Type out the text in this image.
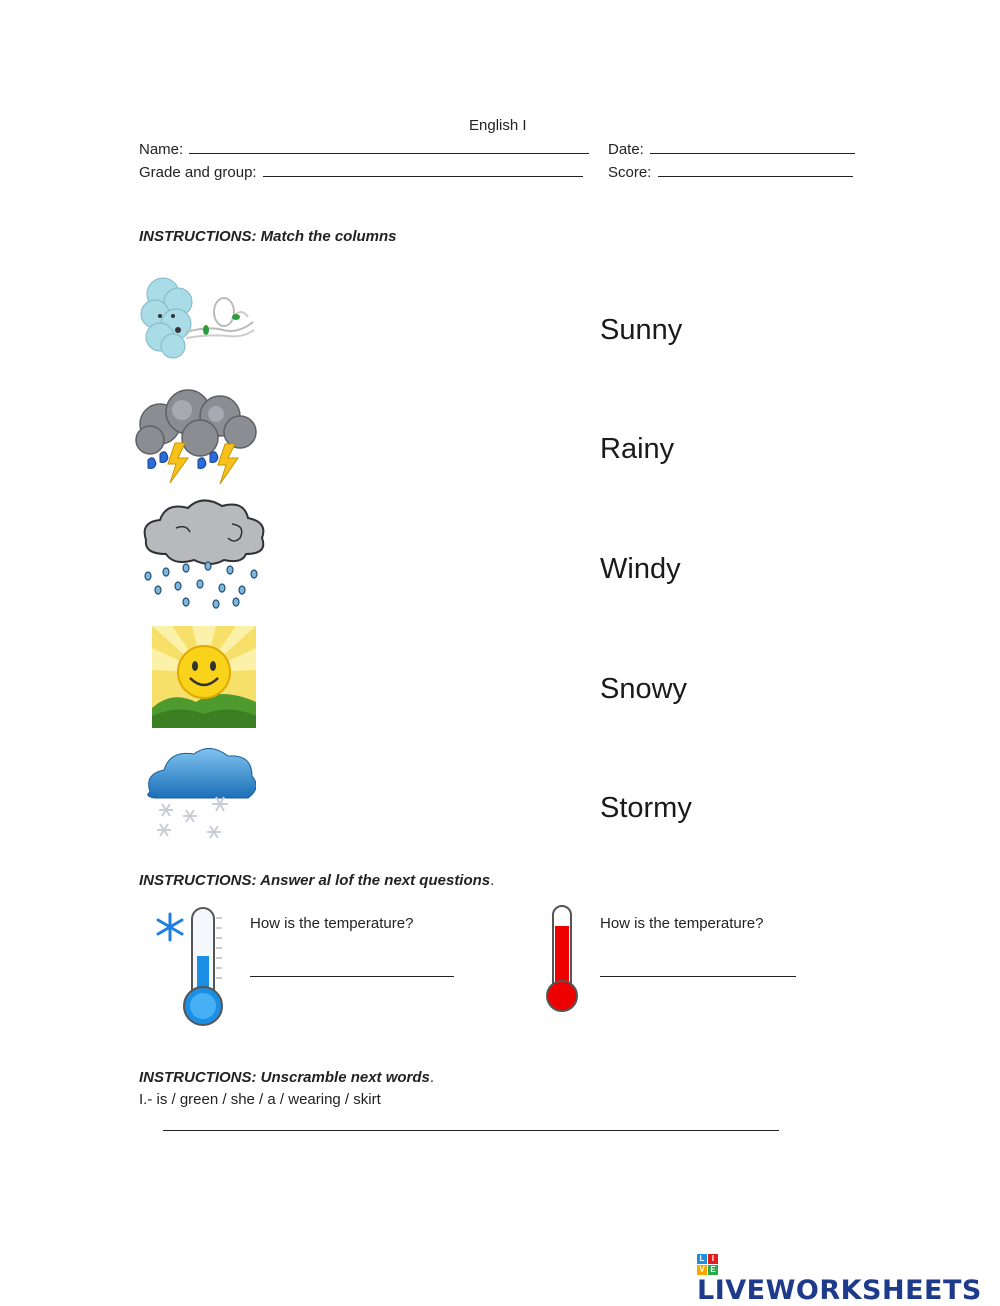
English I
Name:	Date:
Grade and group:	Score:
INSTRUCTIONS: Match the columns
Sunny
Rainy
Windy
Snowy
Stormy
INSTRUCTIONS: Answer al lof the next questions.
How is the temperature?	How is the temperature?
INSTRUCTIONS: Unscramble next words.
I.- is / green / she / a / wearing / skirt
L I
V E
LIVEWORKSHEETS
